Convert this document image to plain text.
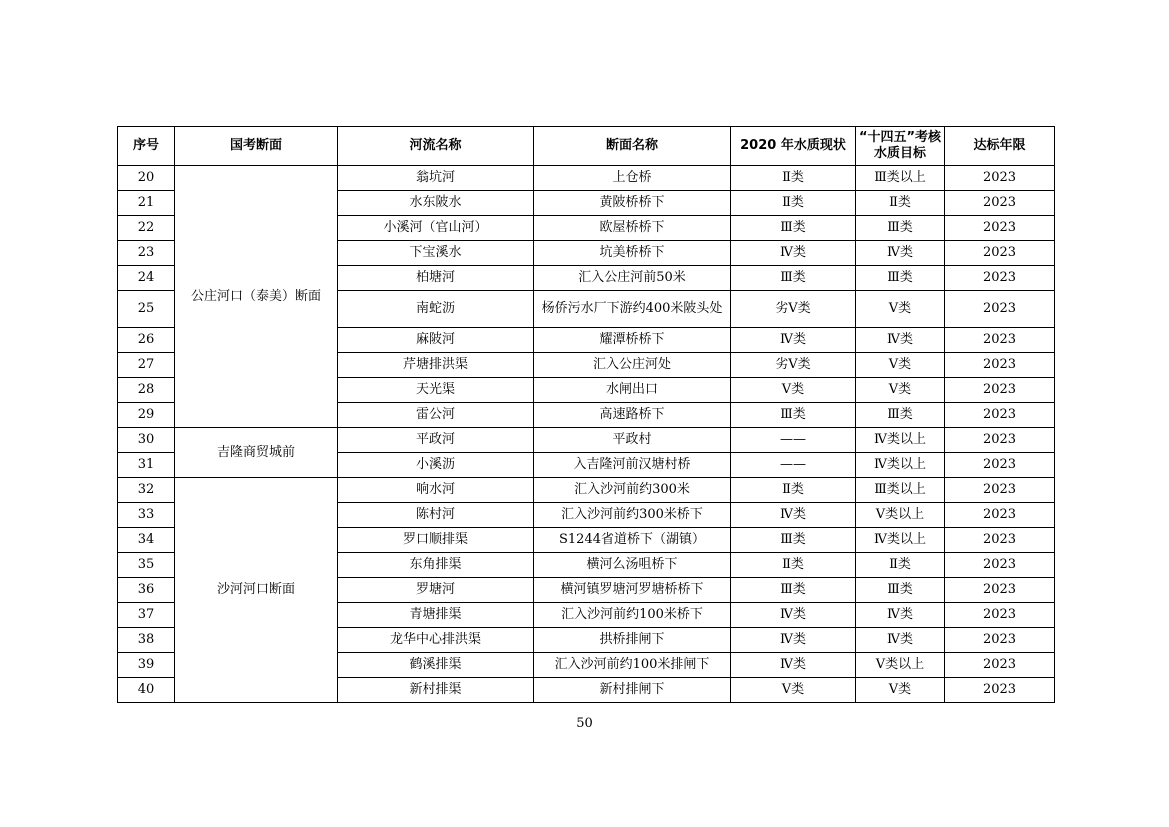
序号	国考断面	河流名称	断面名称	2020 年水质现状	“十四五”考核水质目标	达标年限
20	公庄河口（泰美）断面	翁坑河	上仓桥	Ⅱ类	Ⅲ类以上	2023
21		水东陂水	黄陂桥桥下	Ⅱ类	Ⅱ类	2023
22		小溪河（官山河）	欧屋桥桥下	Ⅲ类	Ⅲ类	2023
23		下宝溪水	坑美桥桥下	Ⅳ类	Ⅳ类	2023
24		柏塘河	汇入公庄河前50米	Ⅲ类	Ⅲ类	2023
25		南蛇沥	杨侨污水厂下游约400米陂头处	劣Ⅴ类	Ⅴ类	2023
26		麻陂河	耀潭桥桥下	Ⅳ类	Ⅳ类	2023
27		芹塘排洪渠	汇入公庄河处	劣Ⅴ类	Ⅴ类	2023
28		天光渠	水闸出口	Ⅴ类	Ⅴ类	2023
29		雷公河	高速路桥下	Ⅲ类	Ⅲ类	2023
30	吉隆商贸城前	平政河	平政村	——	Ⅳ类以上	2023
31		小溪沥	入吉隆河前汉塘村桥	——	Ⅳ类以上	2023
32	沙河河口断面	响水河	汇入沙河前约300米	Ⅱ类	Ⅲ类以上	2023
33		陈村河	汇入沙河前约300米桥下	Ⅳ类	Ⅴ类以上	2023
34		罗口顺排渠	S1244省道桥下（湖镇）	Ⅲ类	Ⅳ类以上	2023
35		东角排渠	横河么汤咀桥下	Ⅱ类	Ⅱ类	2023
36		罗塘河	横河镇罗塘河罗塘桥桥下	Ⅲ类	Ⅲ类	2023
37		青塘排渠	汇入沙河前约100米桥下	Ⅳ类	Ⅳ类	2023
38		龙华中心排洪渠	拱桥排闸下	Ⅳ类	Ⅳ类	2023
39		鹤溪排渠	汇入沙河前约100米排闸下	Ⅳ类	Ⅴ类以上	2023
40		新村排渠	新村排闸下	Ⅴ类	Ⅴ类	2023
50
